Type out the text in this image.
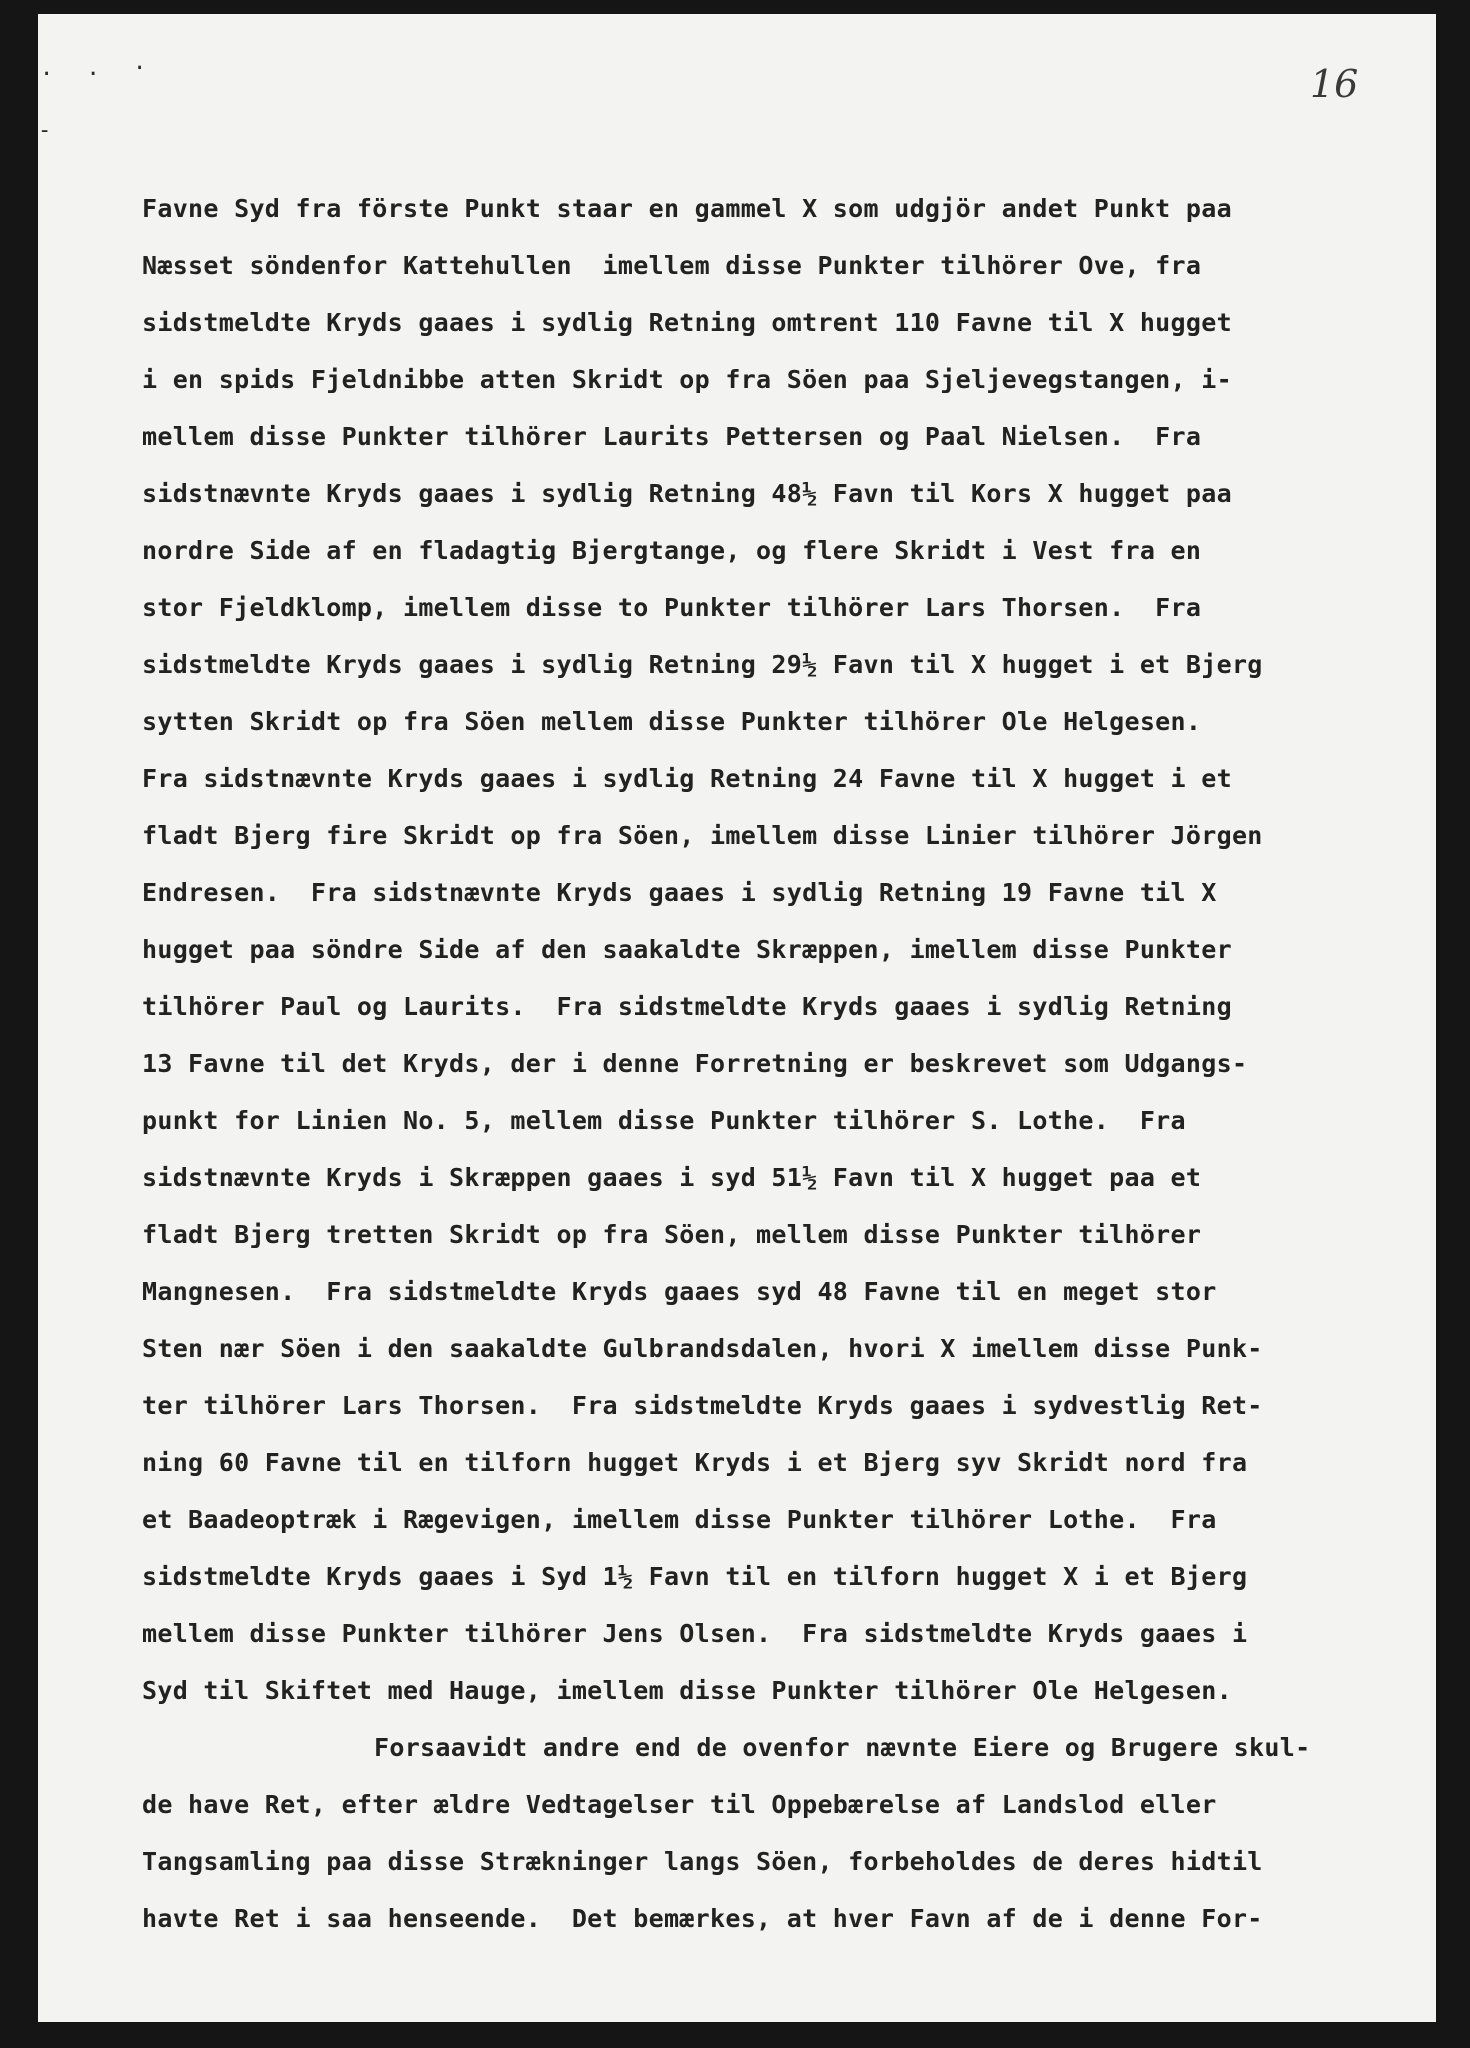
. . ·
-
16
Favne Syd fra förste Punkt staar en gammel X som udgjör andet Punkt paa
Næsset söndenfor Kattehullen  imellem disse Punkter tilhörer Ove, fra
sidstmeldte Kryds gaaes i sydlig Retning omtrent 110 Favne til X hugget
i en spids Fjeldnibbe atten Skridt op fra Söen paa Sjeljevegstangen, i-
mellem disse Punkter tilhörer Laurits Pettersen og Paal Nielsen.  Fra
sidstnævnte Kryds gaaes i sydlig Retning 48½ Favn til Kors X hugget paa
nordre Side af en fladagtig Bjergtange, og flere Skridt i Vest fra en
stor Fjeldklomp, imellem disse to Punkter tilhörer Lars Thorsen.  Fra
sidstmeldte Kryds gaaes i sydlig Retning 29½ Favn til X hugget i et Bjerg
sytten Skridt op fra Söen mellem disse Punkter tilhörer Ole Helgesen.
Fra sidstnævnte Kryds gaaes i sydlig Retning 24 Favne til X hugget i et
fladt Bjerg fire Skridt op fra Söen, imellem disse Linier tilhörer Jörgen
Endresen.  Fra sidstnævnte Kryds gaaes i sydlig Retning 19 Favne til X
hugget paa söndre Side af den saakaldte Skræppen, imellem disse Punkter
tilhörer Paul og Laurits.  Fra sidstmeldte Kryds gaaes i sydlig Retning
13 Favne til det Kryds, der i denne Forretning er beskrevet som Udgangs-
punkt for Linien No. 5, mellem disse Punkter tilhörer S. Lothe.  Fra
sidstnævnte Kryds i Skræppen gaaes i syd 51½ Favn til X hugget paa et
fladt Bjerg tretten Skridt op fra Söen, mellem disse Punkter tilhörer
Mangnesen.  Fra sidstmeldte Kryds gaaes syd 48 Favne til en meget stor
Sten nær Söen i den saakaldte Gulbrandsdalen, hvori X imellem disse Punk-
ter tilhörer Lars Thorsen.  Fra sidstmeldte Kryds gaaes i sydvestlig Ret-
ning 60 Favne til en tilforn hugget Kryds i et Bjerg syv Skridt nord fra
et Baadeoptræk i Rægevigen, imellem disse Punkter tilhörer Lothe.  Fra
sidstmeldte Kryds gaaes i Syd 1½ Favn til en tilforn hugget X i et Bjerg
mellem disse Punkter tilhörer Jens Olsen.  Fra sidstmeldte Kryds gaaes i
Syd til Skiftet med Hauge, imellem disse Punkter tilhörer Ole Helgesen.
Forsaavidt andre end de ovenfor nævnte Eiere og Brugere skul-
de have Ret, efter ældre Vedtagelser til Oppebærelse af Landslod eller
Tangsamling paa disse Strækninger langs Söen, forbeholdes de deres hidtil
havte Ret i saa henseende.  Det bemærkes, at hver Favn af de i denne For-
